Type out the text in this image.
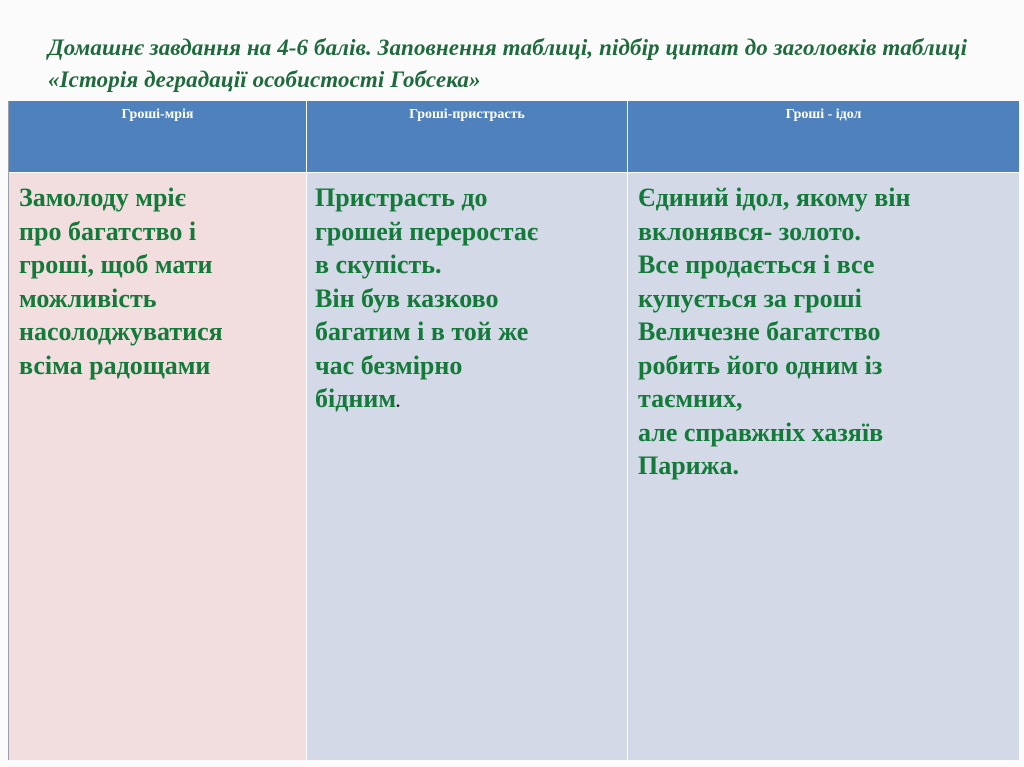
Домашнє завдання на 4-6 балів. Заповнення таблиці, підбір цитат до заголовків таблиці «Історія деградації особистості Гобсека»
Гроші-мрія	Гроші-пристрасть	Гроші - ідол
Замолоду мріє
про багатство і
гроші, щоб мати
можливість
насолоджуватися
всіма радощами
Пристрасть до
грошей переростає
в скупість.
Він був казково
багатим і в той же
час безмірно
бідним.
Єдиний ідол, якому він
вклонявся- золото.
Все продається і все
купується за гроші
Величезне багатство
робить його одним із
таємних,
але справжніх хазяїв
Парижа.
